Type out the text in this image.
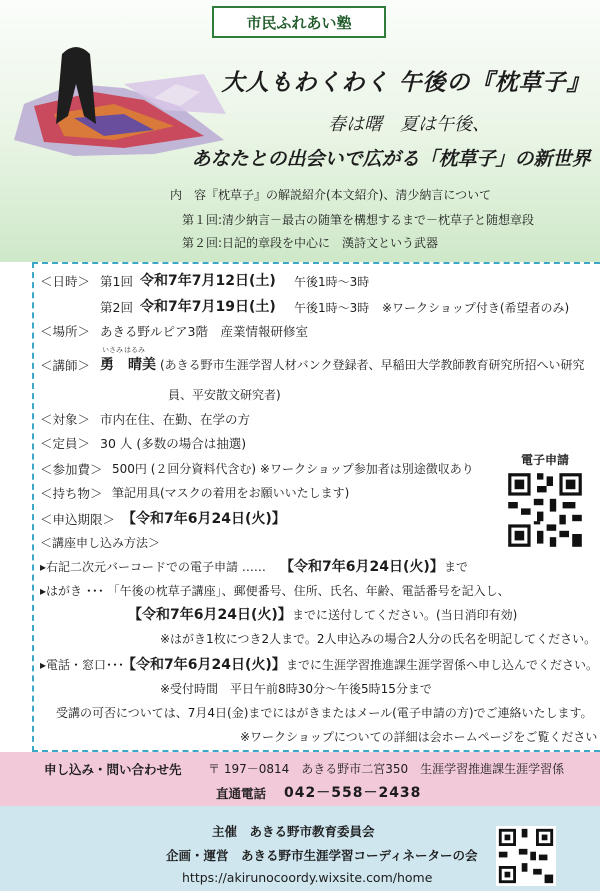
市民ふれあい塾
大人もわくわく 午後の『枕草子』
春は曙　夏は午後、
あなたとの出会いで広がる「枕草子」の新世界
内　容『枕草子』の解説紹介(本文紹介)、清少納言について
第１回:清少納言－最古の随筆を構想するまで－枕草子と随想章段
第２回:日記的章段を中心に　漢詩文という武器
＜日時＞ 第1回 令和7年7月12日(土) 午後1時～3時
第2回 令和7年7月19日(土) 午後1時～3時 ※ワークショップ付き(希望者のみ)
＜場所＞ あきる野ルピア3階　産業情報研修室
いさみ はるみ
＜講師＞ 勇　晴美 (あきる野市生涯学習人材バンク登録者、早稲田大学教師教育研究所招へい研究
員、平安散文研究者)
＜対象＞ 市内在住、在勤、在学の方
＜定員＞ 30 人 (多数の場合は抽選)
＜参加費＞ 500円 (２回分資料代含む) ※ワークショップ参加者は別途徴収あり
＜持ち物＞ 筆記用具(マスクの着用をお願いいたします)
電子申請
＜申込期限＞ 【令和7年6月24日(火)】
＜講座申し込み方法＞
▸右記二次元バーコードでの電子申請 …… 【令和7年6月24日(火)】 まで
▸はがき ･･･ 「午後の枕草子講座」、郵便番号、住所、氏名、年齢、電話番号を記入し、
【令和7年6月24日(火)】 までに送付してください。(当日消印有効)
※はがき1枚につき2人まで。2人申込みの場合2人分の氏名を明記してください。
▸電話・窓口･･･
【令和7年6月24日(火)】 までに生涯学習推進課生涯学習係へ申し込んでください。
※受付時間　平日午前8時30分～午後5時15分まで
受講の可否については、7月4日(金)までにはがきまたはメール(電子申請の方)でご連絡いたします。
※ワークショップについての詳細は会ホームページをご覧ください
申し込み・問い合わせ先 〒 197－0814　あきる野市二宮350　生涯学習推進課生涯学習係
直通電話 042－558－2438
主催　あきる野市教育委員会
企画・運営　あきる野市生涯学習コーディネーターの会
https://akirunocoordy.wixsite.com/home
